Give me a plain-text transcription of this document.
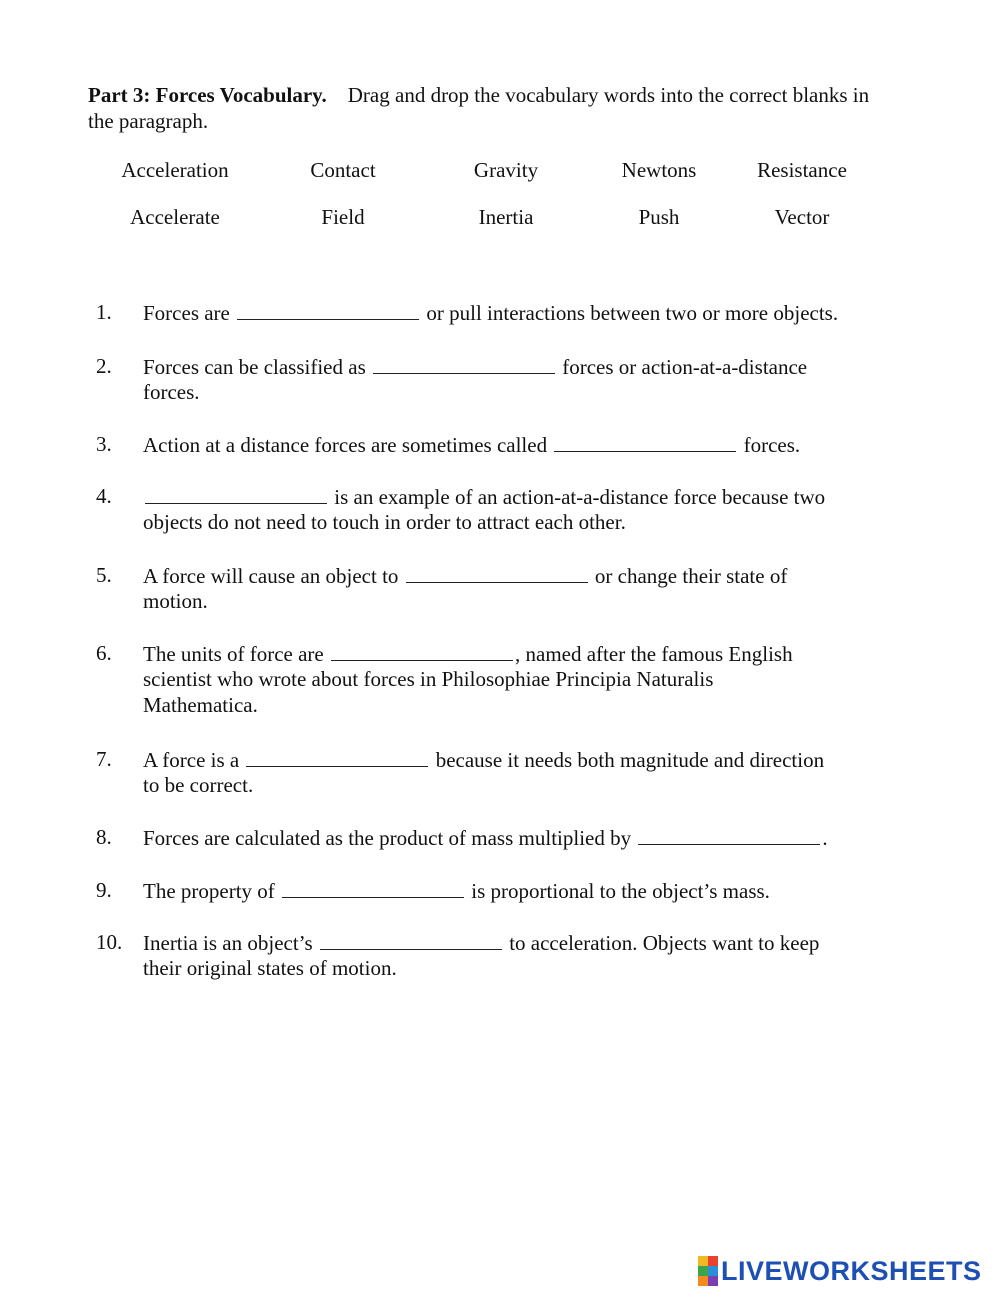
Part 3: Forces Vocabulary. Drag and drop the vocabulary words into the correct blanks in the paragraph.
Acceleration	Contact	Gravity	Newtons	Resistance
Accelerate	Field	Inertia	Push	Vector
1. Forces are	or pull interactions between two or more objects.
2. Forces can be classified as	forces or action-at-a-distance
forces.
3. Action at a distance forces are sometimes called	forces.
4.	is an example of an action-at-a-distance force because two
objects do not need to touch in order to attract each other.
5. A force will cause an object to	or change their state of
motion.
6. The units of force are	, named after the famous English
scientist who wrote about forces in Philosophiae Principia Naturalis
Mathematica.
7. A force is a	because it needs both magnitude and direction
to be correct.
8. Forces are calculated as the product of mass multiplied by	.
9. The property of	is proportional to the object’s mass.
10. Inertia is an object’s	to acceleration. Objects want to keep
their original states of motion.
LIVEWORKSHEETS
